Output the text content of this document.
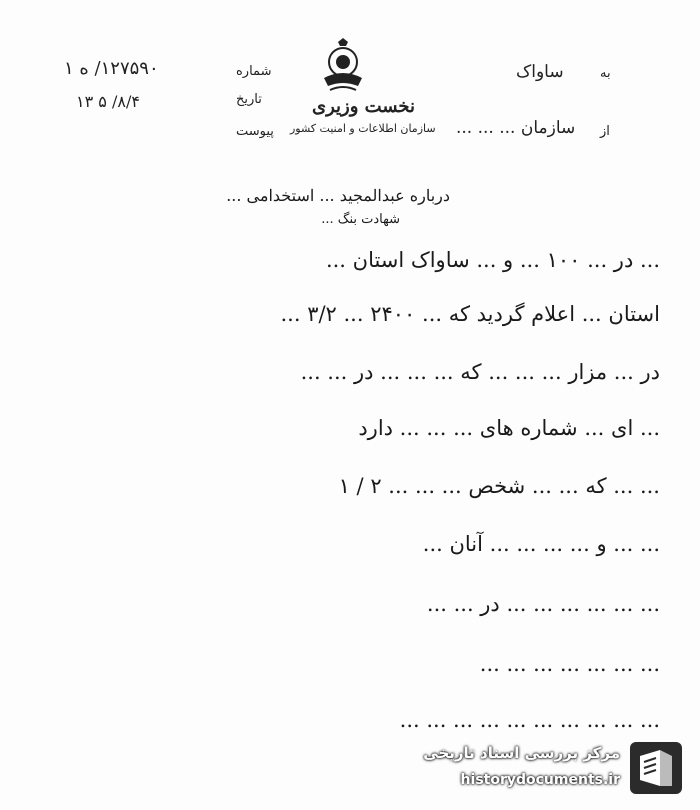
شماره
۱۲۷۵۹۰/ ه ۱
تاریخ
۸/۴/ ۵ ۱۳
پیوست
نخست وزیری
سازمان اطلاعات و امنیت کشور
به
ساواک
از
سازمان ... ... ...
درباره عبدالمجید ... استخدامی ...
شهادت بنگ ...
... در ... ۱۰۰ ... و ... ساواک استان ...
استان ... اعلام گردید که ... ۲۴۰۰ ... ۳/۲ ...
در ... مزار ... ... ... که ... ... ... در ... ...
... ای ... شماره های ... ... ... دارد
... ... که ... ... شخص ... ... ... ۲ / ۱
... ... و ... ... ... ... آنان ...
... ... ... ... ... ... در ... ...
... ... ... ... ... ... ...
... ... ... ... ... ... ... ... ... ...
مرکز بررسی اسناد تاریخی
historydocuments.ir
